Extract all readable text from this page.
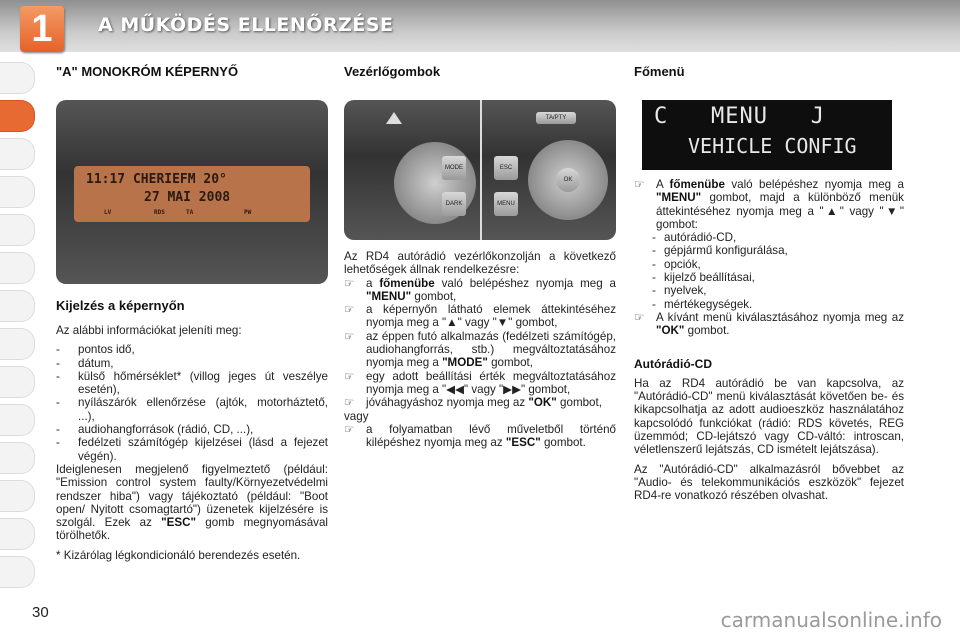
1	A MŰKÖDÉS ELLENŐRZÉSE
"A" MONOKRÓM KÉPERNYŐ
11:17 CHERIEFM 20°
27 MAI 2008
LV	RDS	TA	PW
Kijelzés a képernyőn

Az alábbi információkat jeleníti meg:

- pontos idő,
- dátum,
- külső hőmérséklet* (villog jeges út veszélye esetén),
- nyílászárók ellenőrzése (ajtók, motorháztető, ...),
- audiohangforrások (rádió, CD, ...),
- fedélzeti számítógép kijelzései (lásd a fejezet végén).

Ideiglenesen megjelenő figyelmeztető (például: "Emission control system faulty/Környezetvédelmi rendszer hiba") vagy tájékoztató (például: "Boot open/ Nyitott csomagtartó") üzenetek kijelzésére is szolgál. Ezek az "ESC" gomb megnyomásával törölhetők.

* Kizárólag légkondicionáló berendezés esetén.

30
Vezérlőgombok
TA/PTY
MODE
DARK
ESC
MENU
OK

Az RD4 autórádió vezérlőkonzolján a következő lehetőségek állnak rendelkezésre:

☞ a főmenübe való belépéshez nyomja meg a "MENU" gombot,
☞ a képernyőn látható elemek áttekintéséhez nyomja meg a "▲" vagy "▼" gombot,
☞ az éppen futó alkalmazás (fedélzeti számítógép, audiohangforrás, stb.) megváltoztatásához nyomja meg a "MODE" gombot,
☞ egy adott beállítási érték megváltoztatásához nyomja meg a "◀◀" vagy "▶▶" gombot,
☞ jóváhagyáshoz nyomja meg az "OK" gombot,

vagy

☞ a folyamatban lévő műveletből történő kilépéshez nyomja meg az "ESC" gombot.
Főmenü
C   MENU   J
VEHICLE CONFIG
☞ A főmenübe való belépéshez nyomja meg a "MENU" gombot, majd a különböző menük áttekintéséhez nyomja meg a "▲" vagy "▼" gombot:
- autórádió-CD,
- gépjármű konfigurálása,
- opciók,
- kijelző beállításai,
- nyelvek,
- mértékegységek.
☞ A kívánt menü kiválasztásához nyomja meg az "OK" gombot.

Autórádió-CD

Ha az RD4 autórádió be van kapcsolva, az "Autórádió-CD" menü kiválasztását követően be- és kikapcsolhatja az adott audioeszköz használatához kapcsolódó funkciókat (rádió: RDS követés, REG üzemmód; CD-lejátszó vagy CD-váltó: introscan, véletlenszerű lejátszás, CD ismételt lejátszása).

Az "Autórádió-CD" alkalmazásról bővebbet az "Audio- és telekommunikációs eszközök" fejezet RD4-re vonatkozó részében olvashat.

carmanualsonline.info
